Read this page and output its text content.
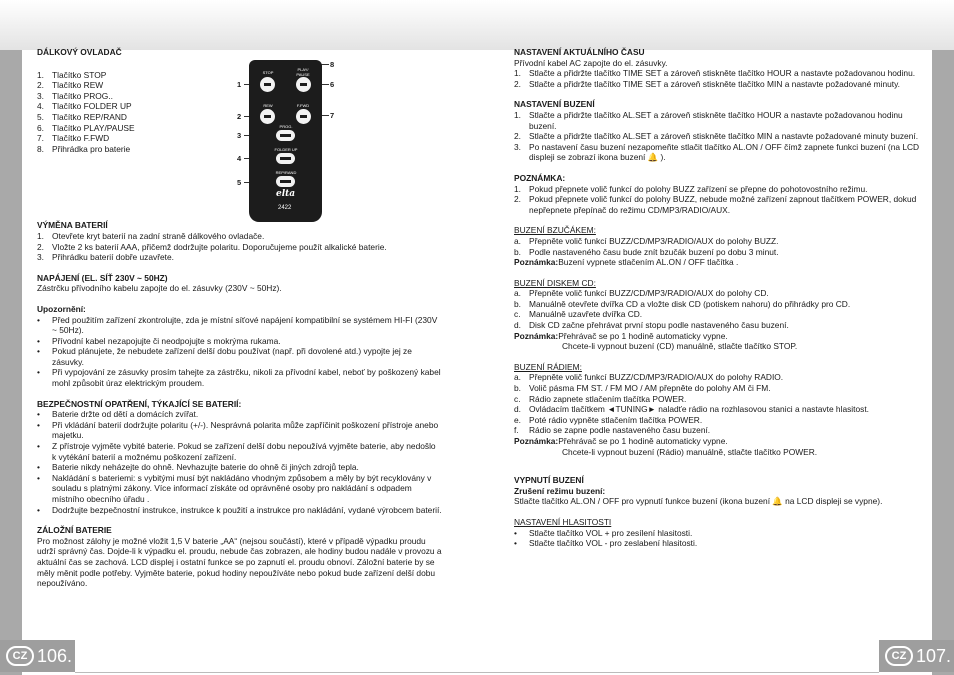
DÁLKOVÝ OVLADAČ
1. Tlačítko STOP
2. Tlačítko REW
3. Tlačítko PROG..
4. Tlačítko FOLDER UP
5. Tlačítko REP/RAND
6. Tlačítko PLAY/PAUSE
7. Tlačítko F.FWD
8. Přihrádka pro baterie
VÝMĚNA BATERIÍ
1. Otevřete kryt baterií na zadní straně dálkového ovladače.
2. Vložte 2 ks baterií AAA, přičemž dodržujte polaritu. Doporučujeme použít alkalické baterie.
3. Přihrádku baterií dobře uzavřete.
NAPÁJENÍ (EL. SÍŤ 230V ~ 50HZ)
Zástrčku přívodního kabelu zapojte do el. zásuvky (230V ~ 50Hz).
Upozornění:
•	Před použitím zařízení zkontrolujte, zda je místní síťové napájení kompatibilní se systémem HI-FI (230V ~ 50Hz).
•	Přívodní kabel nezapojujte či neodpojujte s mokrýma rukama.
•	Pokud plánujete, že nebudete zařízení delší dobu používat (např. při dovolené atd.) vypojte jej ze zásuvky.
•	Při vypojování ze zásuvky prosím tahejte za zástrčku, nikoli za přívodní kabel, neboť by poškozený kabel mohl způsobit úraz elektrickým proudem.
BEZPEČNOSTNÍ OPATŘENÍ, TÝKAJÍCÍ SE BATERIÍ:
•	Baterie držte od dětí a domácích zvířat.
•	Při vkládání baterií dodržujte polaritu (+/-). Nesprávná polarita může zapříčinit poškození přístroje anebo majetku.
•	Z přístroje vyjměte vybité baterie. Pokud se zařízení delší dobu nepoužívá vyjměte baterie, aby nedošlo k vytékání baterií a možnému poškození zařízení.
•	Baterie nikdy neházejte do ohně. Nevhazujte baterie do ohně či jiných zdrojů tepla.
•	Nakládání s bateriemi: s vybitými musí být nakládáno vhodným způsobem a měly by být recyklovány v souladu s platnými zákony. Více informací získáte od oprávněné osoby pro nakládání s odpadem místního obecního úřadu .
•	Dodržujte bezpečnostní instrukce, instrukce k použití a instrukce pro nakládání, vydané výrobcem baterií.
ZÁLOŽNÍ BATERIE
Pro možnost zálohy je možné vložit 1,5 V baterie „AA“ (nejsou součástí), které v případě výpadku proudu udrží správný čas. Dojde-li k výpadku el. proudu, nebude čas zobrazen, ale hodiny budou nadále v provozu a aktuální čas se zachová. LCD displej i ostatní funkce se po zapnutí el. proudu obnoví. Záložní baterie by se měly měnit podle potřeby. Vyjměte baterie, pokud hodiny nepoužíváte nebo pokud bude zařízení delší dobu nepoužíváno.
1
2
3
4
5
6
7
8
STOP
PLAY/ PAUSE
REW	F.FWD
PROG.
FOLDER UP
REP/RAND
elta
2422
NASTAVENÍ AKTUÁLNÍHO ČASU
Přívodní kabel AC zapojte do el. zásuvky.
1. Stlačte a přidržte tlačítko TIME SET a zároveň stiskněte tlačítko HOUR a nastavte požadovanou hodinu.
2. Stlačte a přidržte tlačítko TIME SET a zároveň stiskněte tlačítko MIN a nastavte požadované minuty.
NASTAVENÍ BUZENÍ
1. Stlačte a přidržte tlačítko AL.SET a zároveň stiskněte tlačítko HOUR a nastavte požadovanou hodinu buzení.
2. Stlačte a přidržte tlačítko AL.SET a zároveň stiskněte tlačítko MIN a nastavte požadované minuty buzení.
3. Po nastavení času buzení nezapomeňte stlačit tlačítko AL.ON / OFF čímž zapnete funkci buzení (na LCD displeji se zobrazí ikona buzení 🔔 ).
POZNÁMKA:
1. Pokud přepnete volič funkcí do polohy BUZZ zařízení se přepne do pohotovostního režimu.
2. Pokud přepnete volič funkcí do polohy BUZZ, nebude možné zařízení zapnout tlačítkem POWER, dokud nepřepnete přepínač do režimu CD/MP3/RADIO/AUX.
BUZENÍ BZUČÁKEM:
a. Přepněte volič funkcí BUZZ/CD/MP3/RADIO/AUX do polohy BUZZ.
b. Podle nastaveného času bude znít bzučák buzení po dobu 3 minut.
Poznámka: Buzení vypnete stlačením AL.ON / OFF tlačítka .
BUZENÍ DISKEM CD:
a. Přepněte volič funkcí BUZZ/CD/MP3/RADIO/AUX do polohy CD.
b. Manuálně otevřete dvířka CD a vložte disk CD (potiskem nahoru) do přihrádky pro CD.
c.	Manuálně uzavřete dvířka CD.
d. Disk CD začne přehrávat první stopu podle nastaveného času buzení.
Poznámka: Přehrávač se po 1 hodině automaticky vypne.
Chcete-li vypnout buzení (CD) manuálně, stlačte tlačítko STOP.
BUZENÍ RÁDIEM:
a. Přepněte volič funkcí BUZZ/CD/MP3/RADIO/AUX do polohy RADIO.
b. Volič pásma FM ST. / FM MO / AM přepněte do polohy AM či FM.
c.	Rádio zapnete stlačením tlačítka POWER.
d. Ovládacím tlačítkem ◄TUNING► naladťe rádio na rozhlasovou stanici a nastavte hlasitost.
e. Poté rádio vypněte stlačením tlačítka POWER.
f.	Rádio se zapne podle nastaveného času buzení.
Poznámka: Přehrávač se po 1 hodině automaticky vypne.
Chcete-li vypnout buzení (Rádio) manuálně, stlačte tlačítko POWER.
VYPNUTÍ BUZENÍ
Zrušení režimu buzení:
Stlačte tlačítko AL.ON / OFF pro vypnutí funkce buzení (ikona buzení 🔔 na LCD displeji se vypne).
NASTAVENÍ HLASITOSTI
•	Stlačte tlačítko VOL + pro zesílení hlasitosti.
•	Stlačte tlačítko VOL - pro zeslabení hlasitosti.
CZ 106.	CZ 107.
